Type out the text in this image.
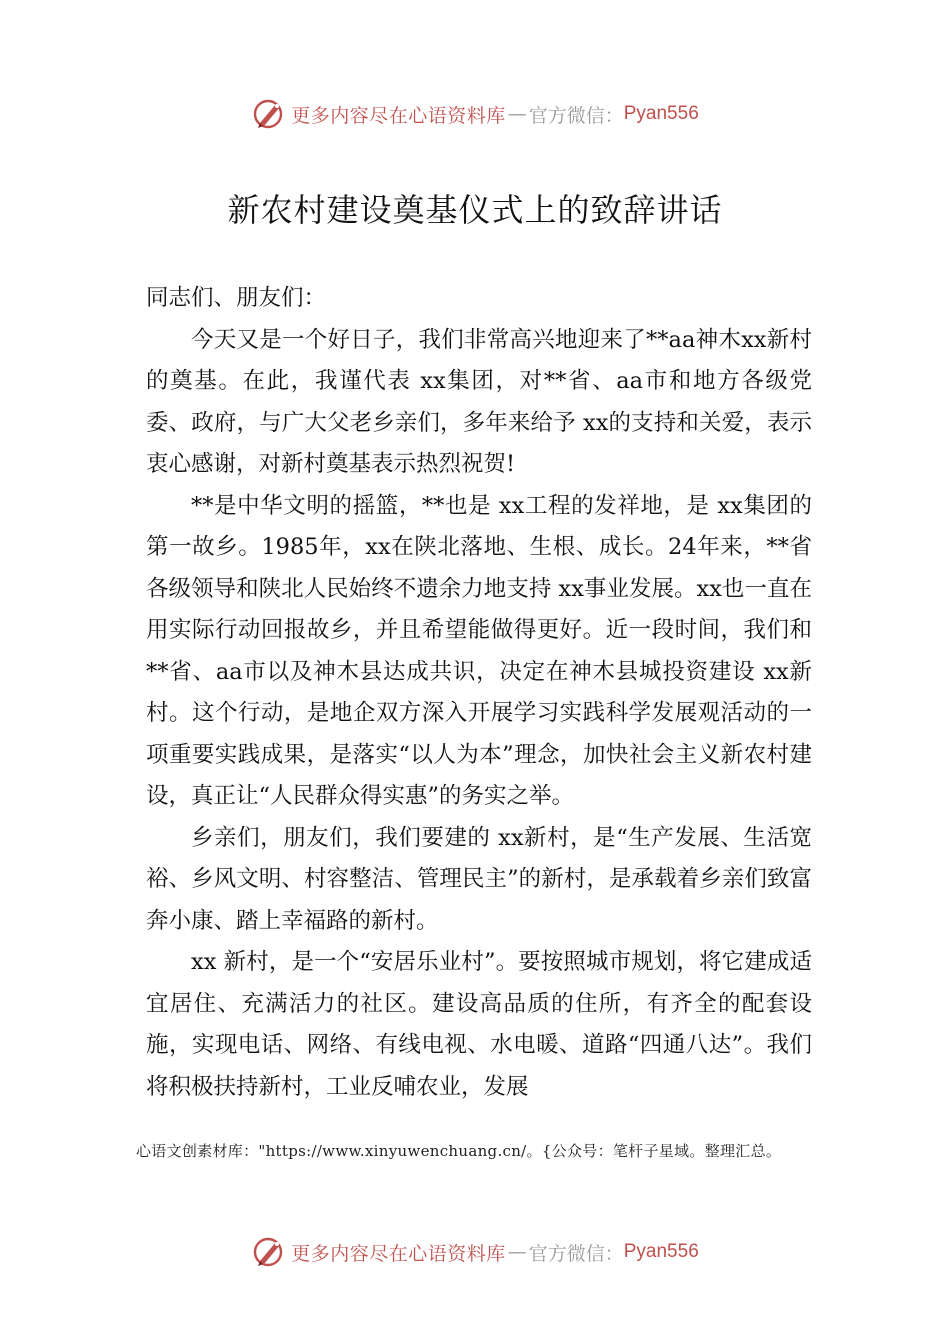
更多内容尽在心语资料库 — 官方微信： Pyan556
新农村建设奠基仪式上的致辞讲话

同志们、朋友们：

今天又是一个好日子，我们非常高兴地迎来了**aa神木xx新村的奠基。在此，我谨代表 xx集团，对**省、aa市和地方各级党委、政府，与广大父老乡亲们，多年来给予 xx的支持和关爱，表示衷心感谢，对新村奠基表示热烈祝贺!

**是中华文明的摇篮，**也是 xx工程的发祥地，是 xx集团的第一故乡。1985年，xx在陕北落地、生根、成长。24年来，**省各级领导和陕北人民始终不遗余力地支持 xx事业发展。xx也一直在用实际行动回报故乡，并且希望能做得更好。近一段时间，我们和**省、aa市以及神木县达成共识，决定在神木县城投资建设 xx新村。这个行动，是地企双方深入开展学习实践科学发展观活动的一项重要实践成果，是落实“以人为本”理念，加快社会主义新农村建设，真正让“人民群众得实惠”的务实之举。

乡亲们，朋友们，我们要建的 xx新村，是“生产发展、生活宽裕、乡风文明、村容整洁、管理民主”的新村，是承载着乡亲们致富奔小康、踏上幸福路的新村。

xx 新村，是一个“安居乐业村”。要按照城市规划，将它建成适宜居住、充满活力的社区。建设高品质的住所，有齐全的配套设施，实现电话、网络、有线电视、水电暖、道路“四通八达”。我们将积极扶持新村，工业反哺农业，发展

心语文创素材库："https://www.xinyuwenchuang.cn/。{公众号：笔杆子星域。整理汇总。
更多内容尽在心语资料库 — 官方微信： Pyan556
